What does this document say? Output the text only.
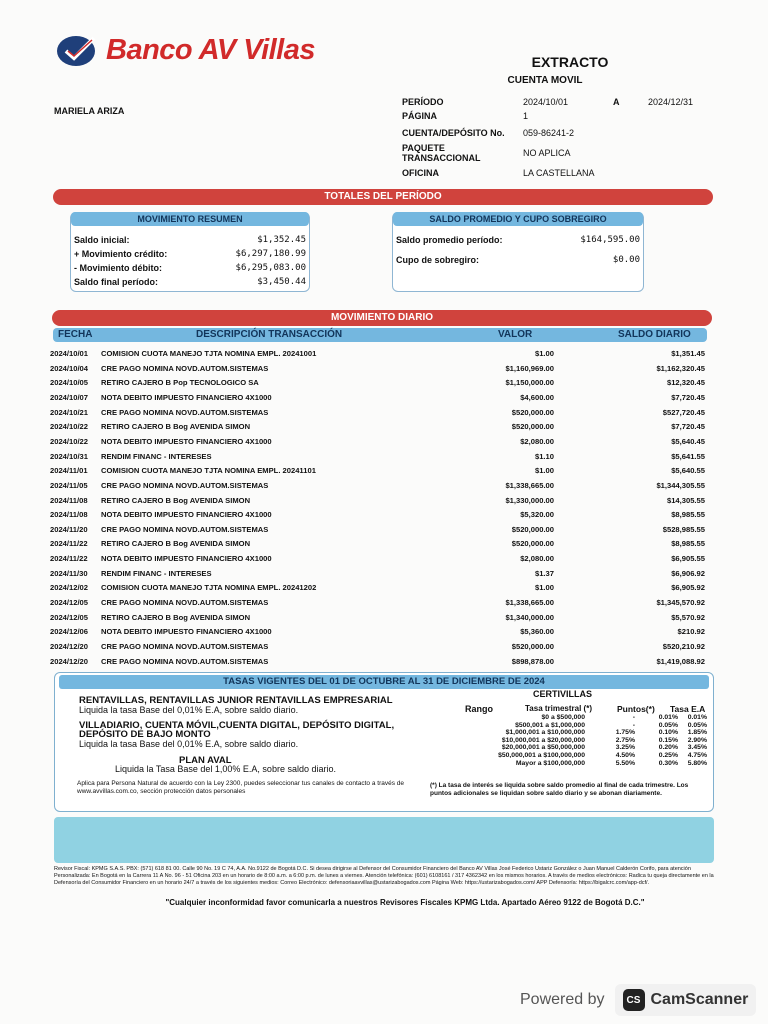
Banco AV Villas	EXTRACTO
CUENTA MOVIL
MARIELA ARIZA
PERÍODO	2024/10/01	A	2024/12/31
PÁGINA	1
CUENTA/DEPÓSITO No.	059-86241-2
PAQUETE TRANSACCIONAL	NO APLICA
OFICINA	LA CASTELLANA
TOTALES DEL PERÍODO
MOVIMIENTO RESUMEN
Saldo inicial:	$1,352.45
+ Movimiento crédito:	$6,297,180.99
- Movimiento débito:	$6,295,083.00
Saldo final período:	$3,450.44
SALDO PROMEDIO Y CUPO SOBREGIRO
Saldo promedio período:	$164,595.00
Cupo de sobregiro:	$0.00
MOVIMIENTO DIARIO
FECHA	DESCRIPCIÓN TRANSACCIÓN	VALOR	SALDO DIARIO
2024/10/01 COMISION CUOTA MANEJO TJTA NOMINA EMPL. 20241001	$1.00	$1,351.45
2024/10/04 CRE PAGO NOMINA NOVD.AUTOM.SISTEMAS	$1,160,969.00	$1,162,320.45
2024/10/05 RETIRO CAJERO B Pop TECNOLOGICO SA	$1,150,000.00	$12,320.45
2024/10/07 NOTA DEBITO IMPUESTO FINANCIERO 4X1000	$4,600.00	$7,720.45
2024/10/21 CRE PAGO NOMINA NOVD.AUTOM.SISTEMAS	$520,000.00	$527,720.45
2024/10/22 RETIRO CAJERO B Bog AVENIDA SIMON	$520,000.00	$7,720.45
2024/10/22 NOTA DEBITO IMPUESTO FINANCIERO 4X1000	$2,080.00	$5,640.45
2024/10/31 RENDIM FINANC - INTERESES	$1.10	$5,641.55
2024/11/01 COMISION CUOTA MANEJO TJTA NOMINA EMPL. 20241101	$1.00	$5,640.55
2024/11/05 CRE PAGO NOMINA NOVD.AUTOM.SISTEMAS	$1,338,665.00	$1,344,305.55
2024/11/08 RETIRO CAJERO B Bog AVENIDA SIMON	$1,330,000.00	$14,305.55
2024/11/08 NOTA DEBITO IMPUESTO FINANCIERO 4X1000	$5,320.00	$8,985.55
2024/11/20 CRE PAGO NOMINA NOVD.AUTOM.SISTEMAS	$520,000.00	$528,985.55
2024/11/22 RETIRO CAJERO B Bog AVENIDA SIMON	$520,000.00	$8,985.55
2024/11/22 NOTA DEBITO IMPUESTO FINANCIERO 4X1000	$2,080.00	$6,905.55
2024/11/30 RENDIM FINANC - INTERESES	$1.37	$6,906.92
2024/12/02 COMISION CUOTA MANEJO TJTA NOMINA EMPL. 20241202	$1.00	$6,905.92
2024/12/05 CRE PAGO NOMINA NOVD.AUTOM.SISTEMAS	$1,338,665.00	$1,345,570.92
2024/12/05 RETIRO CAJERO B Bog AVENIDA SIMON	$1,340,000.00	$5,570.92
2024/12/06 NOTA DEBITO IMPUESTO FINANCIERO 4X1000	$5,360.00	$210.92
2024/12/20 CRE PAGO NOMINA NOVD.AUTOM.SISTEMAS	$520,000.00	$520,210.92
2024/12/20 CRE PAGO NOMINA NOVD.AUTOM.SISTEMAS	$898,878.00	$1,419,088.92
TASAS VIGENTES DEL 01 DE OCTUBRE AL 31 DE DICIEMBRE DE 2024
RENTAVILLAS, RENTAVILLAS JUNIOR RENTAVILLAS EMPRESARIAL
Liquida la tasa Base del 0,01% E.A, sobre saldo diario.
VILLADIARIO, CUENTA MÓVIL,CUENTA DIGITAL, DEPÓSITO DIGITAL, DEPÓSITO DE BAJO MONTO
Liquida la tasa Base del 0,01% E.A, sobre saldo diario.
PLAN AVAL
Liquida la Tasa Base del 1,00% E.A, sobre saldo diario.
Aplica para Persona Natural de acuerdo con la Ley 2300, puedes seleccionar tus canales de contacto a través de www.avvillas.com.co, sección protección datos personales
CERTIVILLAS
Rango	Tasa trimestral (*)	Puntos(*) Tasa E.A
$0 a $500,000	-	0.01% 0.01%
$500,001 a $1,000,000	-	0.05% 0.05%
$1,000,001 a $10,000,000	1.75%	0.10% 1.85%
$10,000,001 a $20,000,000	2.75%	0.15% 2.90%
$20,000,001 a $50,000,000	3.25%	0.20% 3.45%
$50,000,001 a $100,000,000	4.50%	0.25% 4.75%
Mayor a $100,000,000	5.50%	0.30% 5.80%
(*) La tasa de interés se liquida sobre saldo promedio al final de cada trimestre. Los puntos adicionales se liquidan sobre saldo diario y se abonan diariamente.
Revisor Fiscal: KPMG S.A.S. PBX: (571) 618 81 00. Calle 90 No. 19 C 74, A.A. No.9122 de Bogotá D.C. Si desea dirigirse al Defensor del Consumidor Financiero del Banco AV Villas José Federico Ustariz González o Juan Manuel Calderón Corifo, para atención Personalizada: En Bogotá en la Carrera 11 A No. 96 - 51 Oficina 203 en un horario de 8:00 a.m. a 6:00 p.m. de lunes a viernes. Atención telefónica: (601) 6108161 / 317 4362342 en los mismos horarios. A través de medios electrónicos: Radica tu queja directamente en la Defensoría del Consumidor Financiero en un horario 24/7 a través de los siguientes medios: Correo Electrónico: defensoriaavvillas@ustarizabogados.com Página Web: https://ustarizabogados.com/ APP Defensoría: https://bigalcrc.com/app-dcf/.
"Cualquier inconformidad favor comunicarla a nuestros Revisores Fiscales KPMG Ltda. Apartado Aéreo 9122 de Bogotá D.C."
Powered by	CS CamScanner
